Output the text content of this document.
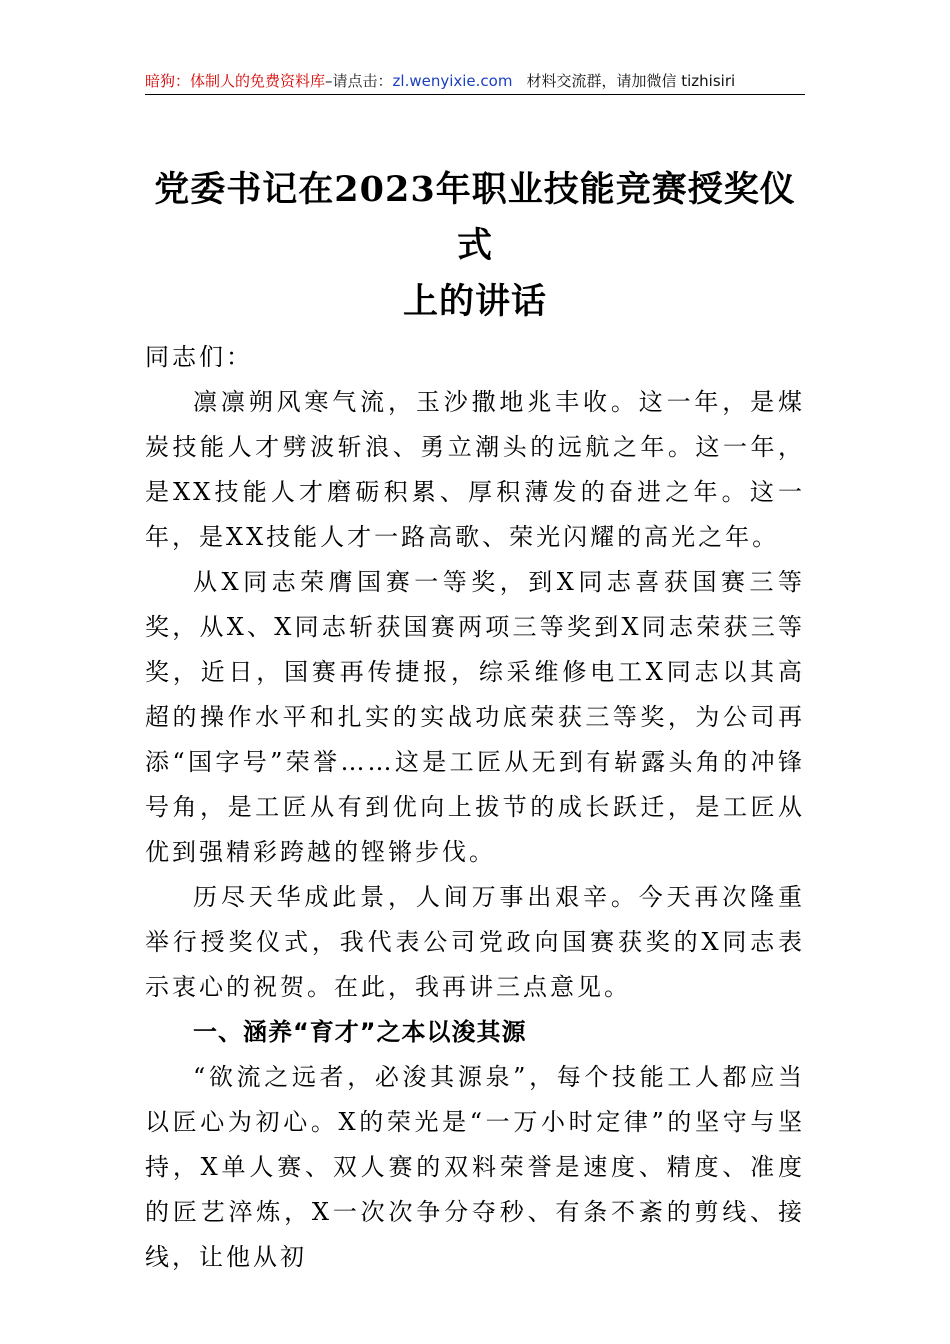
暗狗：体制人的免费资料库–请点击：zl.wenyixie.com 材料交流群，请加微信 tizhisiri
党委书记在2023年职业技能竞赛授奖仪式
上的讲话

同志们：

凛凛朔风寒气流，玉沙撒地兆丰收。这一年，是煤炭技能人才劈波斩浪、勇立潮头的远航之年。这一年，是XX技能人才磨砺积累、厚积薄发的奋进之年。这一年，是XX技能人才一路高歌、荣光闪耀的高光之年。

从X同志荣膺国赛一等奖，到X同志喜获国赛三等奖，从X、X同志斩获国赛两项三等奖到X同志荣获三等奖，近日，国赛再传捷报，综采维修电工X同志以其高超的操作水平和扎实的实战功底荣获三等奖，为公司再添“国字号”荣誉……这是工匠从无到有崭露头角的冲锋号角，是工匠从有到优向上拔节的成长跃迁，是工匠从优到强精彩跨越的铿锵步伐。

历尽天华成此景，人间万事出艰辛。今天再次隆重举行授奖仪式，我代表公司党政向国赛获奖的X同志表示衷心的祝贺。在此，我再讲三点意见。

一、涵养“育才”之本以浚其源

“欲流之远者，必浚其源泉”，每个技能工人都应当以匠心为初心。X的荣光是“一万小时定律”的坚守与坚持，X单人赛、双人赛的双料荣誉是速度、精度、准度的匠艺淬炼，X一次次争分夺秒、有条不紊的剪线、接线，让他从初
